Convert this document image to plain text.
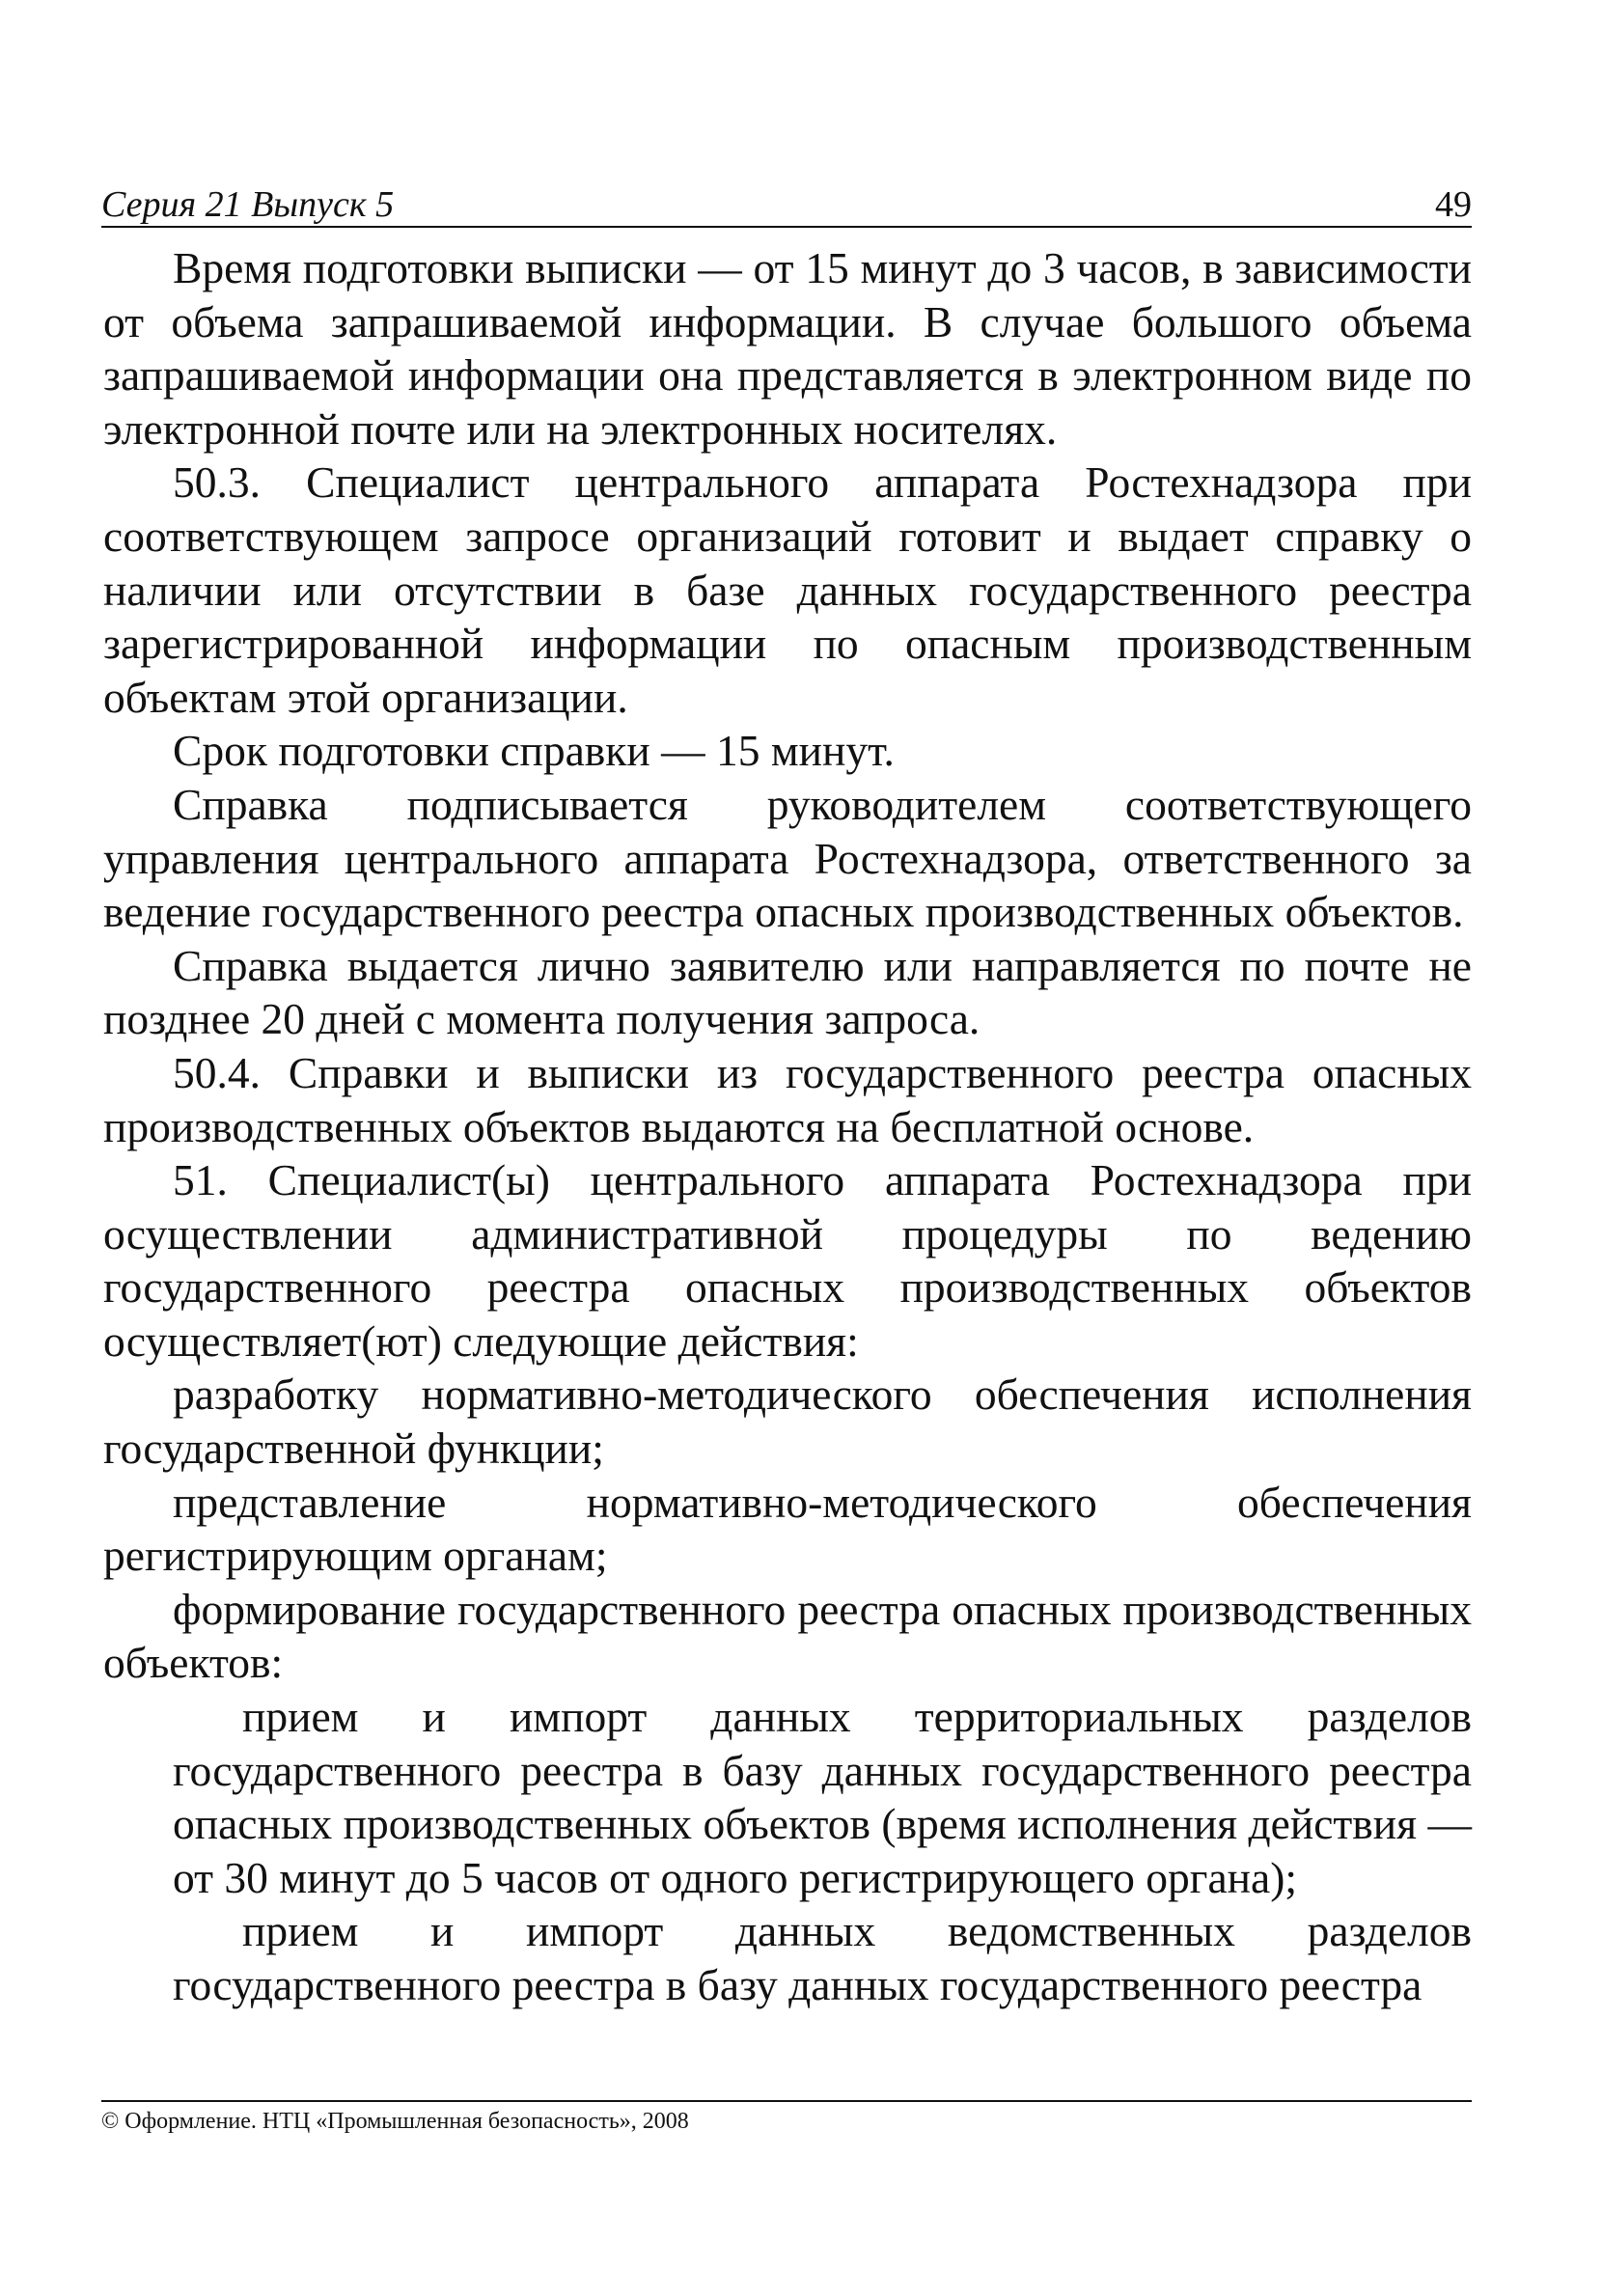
Серия 21 Выпуск 5	49

Время подготовки выписки — от 15 минут до 3 часов, в зависимости от объема запрашиваемой информации. В случае большого объема запрашиваемой информации она представляется в электронном виде по электронной почте или на электронных носителях.

50.3. Специалист центрального аппарата Ростехнадзора при соответствующем запросе организаций готовит и выдает справку о наличии или отсутствии в базе данных государственного реестра зарегистрированной информации по опасным производственным объектам этой организации.

Срок подготовки справки — 15 минут.

Справка подписывается руководителем соответствующего управления центрального аппарата Ростехнадзора, ответственного за ведение государственного реестра опасных производственных объектов.

Справка выдается лично заявителю или направляется по почте не позднее 20 дней с момента получения запроса.

50.4. Справки и выписки из государственного реестра опасных производственных объектов выдаются на бесплатной основе.

51. Специалист(ы) центрального аппарата Ростехнадзора при осуществлении административной процедуры по ведению государственного реестра опасных производственных объектов осуществляет(ют) следующие действия:

разработку нормативно-методического обеспечения исполнения государственной функции;

представление нормативно-методического обеспечения регистрирующим органам;

формирование государственного реестра опасных производственных объектов:

прием и импорт данных территориальных разделов государственного реестра в базу данных государственного реестра опасных производственных объектов (время исполнения действия — от 30 минут до 5 часов от одного регистрирующего органа);

прием и импорт данных ведомственных разделов государственного реестра в базу данных государственного реестра

© Оформление. НТЦ «Промышленная безопасность», 2008
